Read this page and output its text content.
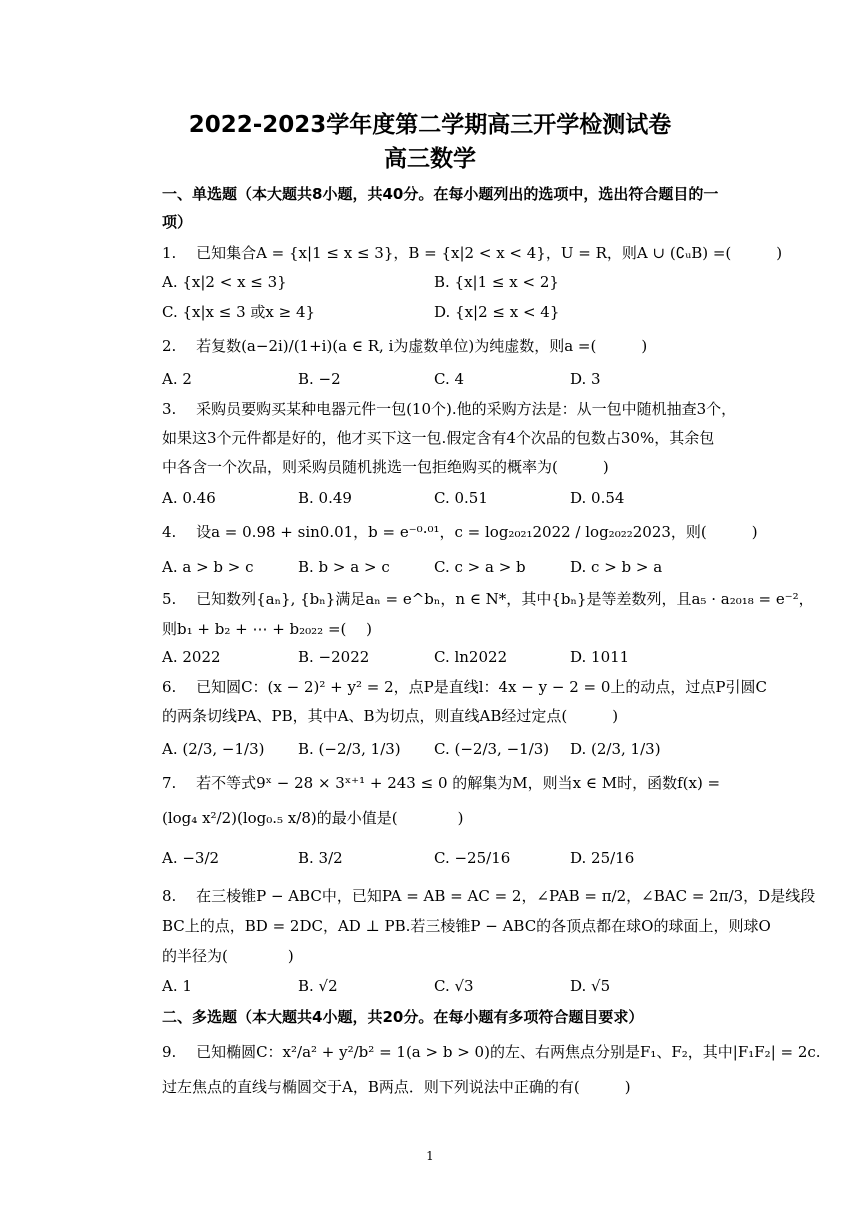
2022-2023学年度第二学期高三开学检测试卷
高三数学
一、单选题（本大题共8小题，共40分。在每小题列出的选项中，选出符合题目的一
项）
1.　 已知集合A = {x|1 ≤ x ≤ 3}，B = {x|2 < x < 4}，U = R，则A ∪ (∁ᵤB) =(　　　)
A. {x|2 < x ≤ 3}	B. {x|1 ≤ x < 2}
C. {x|x ≤ 3 或x ≥ 4}	D. {x|2 ≤ x < 4}
2.　 若复数(a−2i)/(1+i)(a ∈ R, i为虚数单位)为纯虚数，则a =(　　　)
A. 2	B. −2	C. 4	D. 3
3.　 采购员要购买某种电器元件一包(10个).他的采购方法是：从一包中随机抽查3个，
如果这3个元件都是好的，他才买下这一包.假定含有4个次品的包数占30%，其余包
中各含一个次品，则采购员随机挑选一包拒绝购买的概率为(　　　)
A. 0.46	B. 0.49	C. 0.51	D. 0.54
4.　 设a = 0.98 + sin0.01，b = e⁻⁰·⁰¹，c = log₂₀₂₁2022 / log₂₀₂₂2023，则(　　　)
A. a > b > c	B. b > a > c	C. c > a > b	D. c > b > a
5.　 已知数列{aₙ}, {bₙ}满足aₙ = e^bₙ，n ∈ N*，其中{bₙ}是等差数列，且a₅ · a₂₀₁₈ = e⁻²，
则b₁ + b₂ + ⋯ + b₂₀₂₂ =(　 )
A. 2022	B. −2022	C. ln2022	D. 1011
6.　 已知圆C：(x − 2)² + y² = 2，点P是直线l：4x − y − 2 = 0上的动点，过点P引圆C
的两条切线PA、PB，其中A、B为切点，则直线AB经过定点(　　　)
A. (2/3, −1/3) B. (−2/3, 1/3) C. (−2/3, −1/3) D. (2/3, 1/3)
7.　 若不等式9ˣ − 28 × 3ˣ⁺¹ + 243 ≤ 0 的解集为M，则当x ∈ M时，函数f(x) =
(log₄ x²/2)(log₀.₅ x/8)的最小值是(　　　　)
A. −3/2	B. 3/2	C. −25/16	D. 25/16
8.　 在三棱锥P − ABC中，已知PA = AB = AC = 2，∠PAB = π/2，∠BAC = 2π/3，D是线段
BC上的点，BD = 2DC，AD ⊥ PB.若三棱锥P − ABC的各顶点都在球O的球面上，则球O
的半径为(　　　　)
A. 1	B. √2	C. √3	D. √5
二、多选题（本大题共4小题，共20分。在每小题有多项符合题目要求）
9.　 已知椭圆C：x²/a² + y²/b² = 1(a > b > 0)的左、右两焦点分别是F₁、F₂，其中|F₁F₂| = 2c.
过左焦点的直线与椭圆交于A，B两点．则下列说法中正确的有(　　　)
1
